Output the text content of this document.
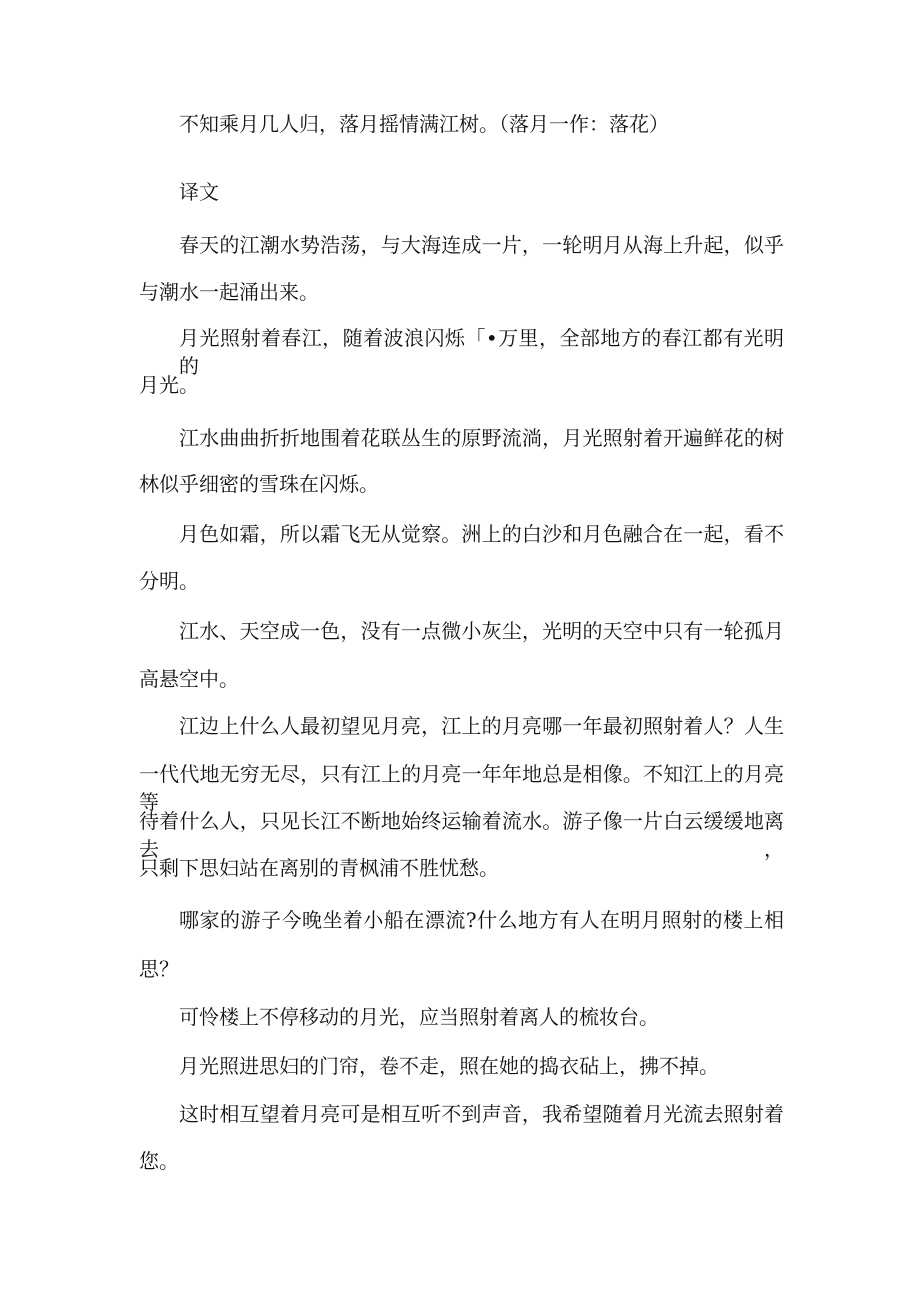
不知乘月几人归，落月摇情满江树。（落月一作：落花）

译文

春天的江潮水势浩荡，与大海连成一片，一轮明月从海上升起，似乎

与潮水一起涌出来。

月光照射着春江，随着波浪闪烁「•万里，全部地方的春江都有光明的

月光。

江水曲曲折折地围着花联丛生的原野流淌，月光照射着开遍鲜花的树

林似乎细密的雪珠在闪烁。

月色如霜，所以霜飞无从觉察。洲上的白沙和月色融合在一起，看不

分明。

江水、天空成一色，没有一点微小灰尘，光明的天空中只有一轮孤月

高悬空中。

江边上什么人最初望见月亮，江上的月亮哪一年最初照射着人？人生

一代代地无穷无尽，只有江上的月亮一年年地总是相像。不知江上的月亮等

待着什么人，只见长江不断地始终运输着流水。游子像一片白云缓缓地离去，

只剩下思妇站在离别的青枫浦不胜忧愁。

哪家的游子今晚坐着小船在漂流?什么地方有人在明月照射的楼上相

思？

可怜楼上不停移动的月光，应当照射着离人的梳妆台。

月光照进思妇的门帘，卷不走，照在她的捣衣砧上，拂不掉。

这时相互望着月亮可是相互听不到声音，我希望随着月光流去照射着

您。
